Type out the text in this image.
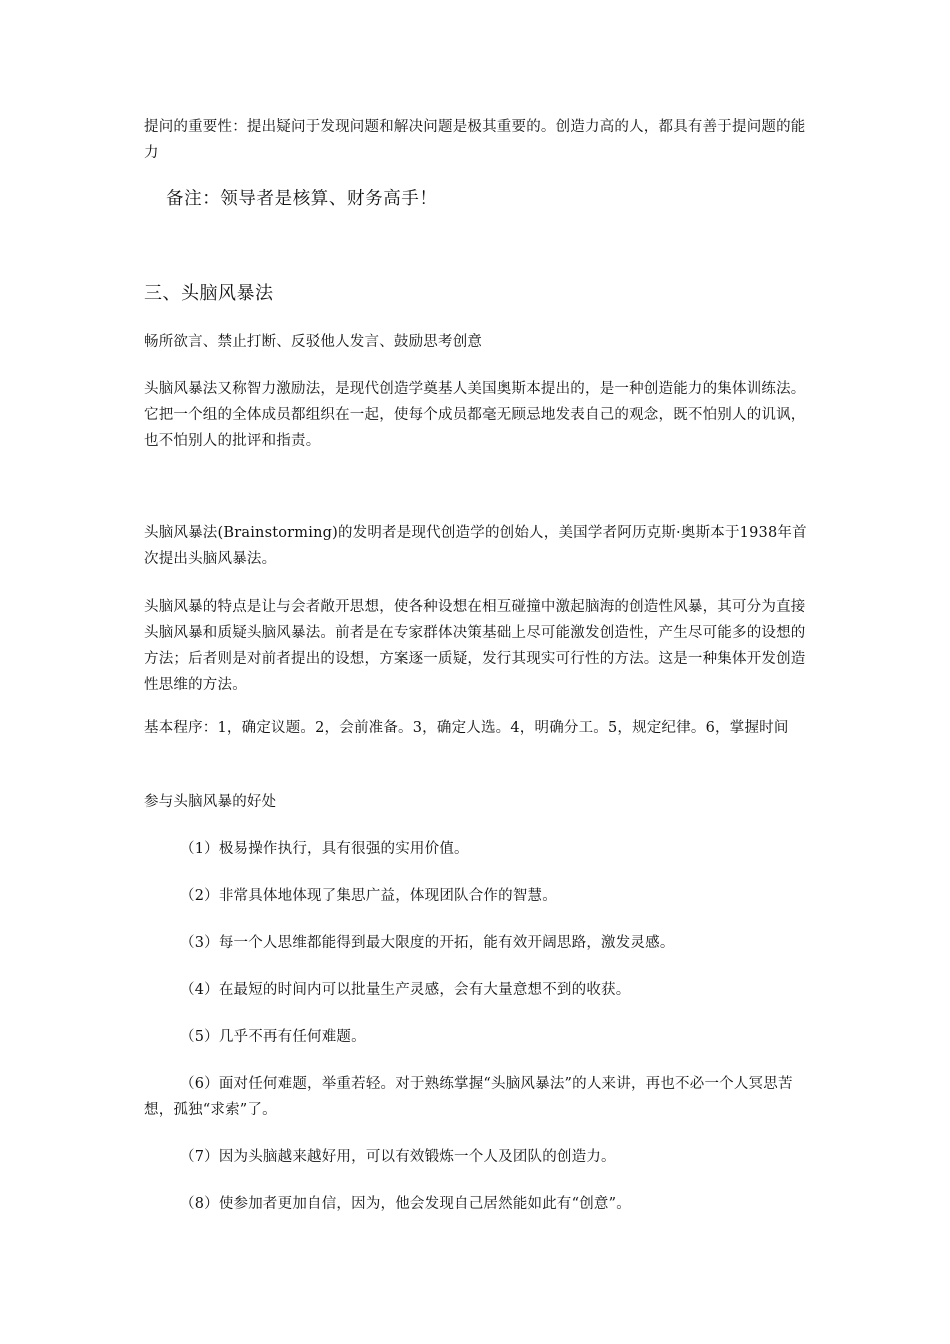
提问的重要性：提出疑问于发现问题和解决问题是极其重要的。创造力高的人，都具有善于提问题的能力

备注：领导者是核算、财务高手！

三、头脑风暴法

畅所欲言、禁止打断、反驳他人发言、鼓励思考创意

头脑风暴法又称智力激励法，是现代创造学奠基人美国奥斯本提出的，是一种创造能力的集体训练法。它把一个组的全体成员都组织在一起，使每个成员都毫无顾忌地发表自己的观念，既不怕别人的讥讽，也不怕别人的批评和指责。

头脑风暴法(Brainstorming)的发明者是现代创造学的创始人，美国学者阿历克斯·奥斯本于1938年首次提出头脑风暴法。

头脑风暴的特点是让与会者敞开思想，使各种设想在相互碰撞中激起脑海的创造性风暴，其可分为直接头脑风暴和质疑头脑风暴法。前者是在专家群体决策基础上尽可能激发创造性，产生尽可能多的设想的方法；后者则是对前者提出的设想，方案逐一质疑，发行其现实可行性的方法。这是一种集体开发创造性思维的方法。

基本程序：1，确定议题。2，会前准备。3，确定人选。4，明确分工。5，规定纪律。6，掌握时间

参与头脑风暴的好处

（1）极易操作执行，具有很强的实用价值。

（2）非常具体地体现了集思广益，体现团队合作的智慧。

（3）每一个人思维都能得到最大限度的开拓，能有效开阔思路，激发灵感。

（4）在最短的时间内可以批量生产灵感，会有大量意想不到的收获。

（5）几乎不再有任何难题。

（6）面对任何难题，举重若轻。对于熟练掌握“头脑风暴法”的人来讲，再也不必一个人冥思苦想，孤独“求索”了。

（7）因为头脑越来越好用，可以有效锻炼一个人及团队的创造力。

（8）使参加者更加自信，因为，他会发现自己居然能如此有“创意”。
